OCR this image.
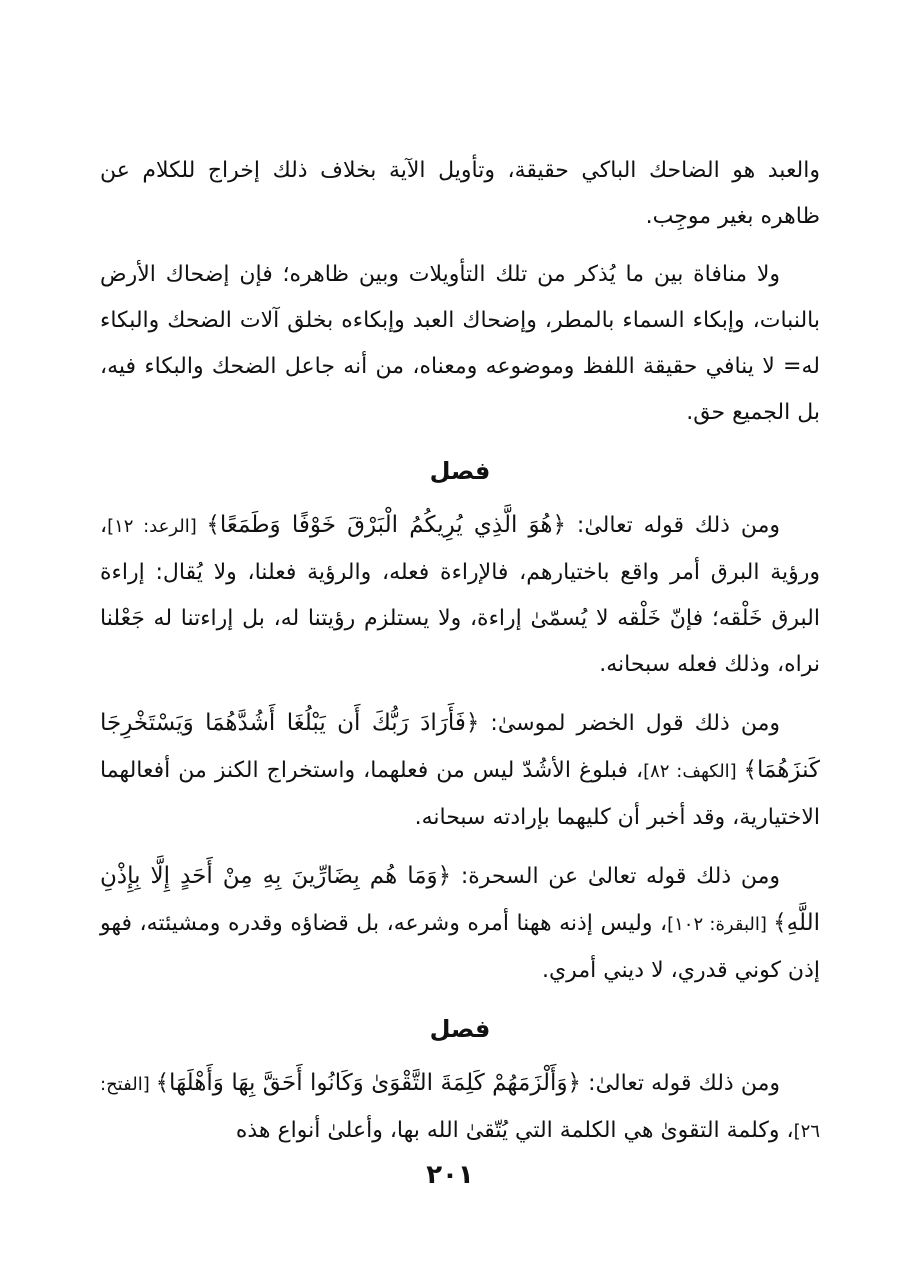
والعبد هو الضاحك الباكي حقيقة، وتأويل الآية بخلاف ذلك إخراج للكلام عن ظاهره بغير موجِب.

ولا منافاة بين ما يُذكر من تلك التأويلات وبين ظاهره؛ فإن إضحاك الأرض بالنبات، وإبكاء السماء بالمطر، وإضحاك العبد وإبكاءه بخلق آلات الضحك والبكاء له= لا ينافي حقيقة اللفظ وموضوعه ومعناه، من أنه جاعل الضحك والبكاء فيه، بل الجميع حق.

فصل

ومن ذلك قوله تعالىٰ: ﴿هُوَ الَّذِي يُرِيكُمُ الْبَرْقَ خَوْفًا وَطَمَعًا﴾ [الرعد: ١٢]، ورؤية البرق أمر واقع باختيارهم، فالإراءة فعله، والرؤية فعلنا، ولا يُقال: إراءة البرق خَلْقه؛ فإنّ خَلْقه لا يُسمّىٰ إراءة، ولا يستلزم رؤيتنا له، بل إراءتنا له جَعْلنا نراه، وذلك فعله سبحانه.

ومن ذلك قول الخضر لموسىٰ: ﴿فَأَرَادَ رَبُّكَ أَن يَبْلُغَا أَشُدَّهُمَا وَيَسْتَخْرِجَا كَنزَهُمَا﴾ [الكهف: ٨٢]، فبلوغ الأشُدّ ليس من فعلهما، واستخراج الكنز من أفعالهما الاختيارية، وقد أخبر أن كليهما بإرادته سبحانه.

ومن ذلك قوله تعالىٰ عن السحرة: ﴿وَمَا هُم بِضَارِّينَ بِهِ مِنْ أَحَدٍ إِلَّا بِإِذْنِ اللَّهِ﴾ [البقرة: ١٠٢]، وليس إذنه ههنا أمره وشرعه، بل قضاؤه وقدره ومشيئته، فهو إذن كوني قدري، لا ديني أمري.

فصل

ومن ذلك قوله تعالىٰ: ﴿وَأَلْزَمَهُمْ كَلِمَةَ التَّقْوَىٰ وَكَانُوا أَحَقَّ بِهَا وَأَهْلَهَا﴾ [الفتح: ٢٦]، وكلمة التقوىٰ هي الكلمة التي يُتّقىٰ الله بها، وأعلىٰ أنواع هذه

٢٠١
